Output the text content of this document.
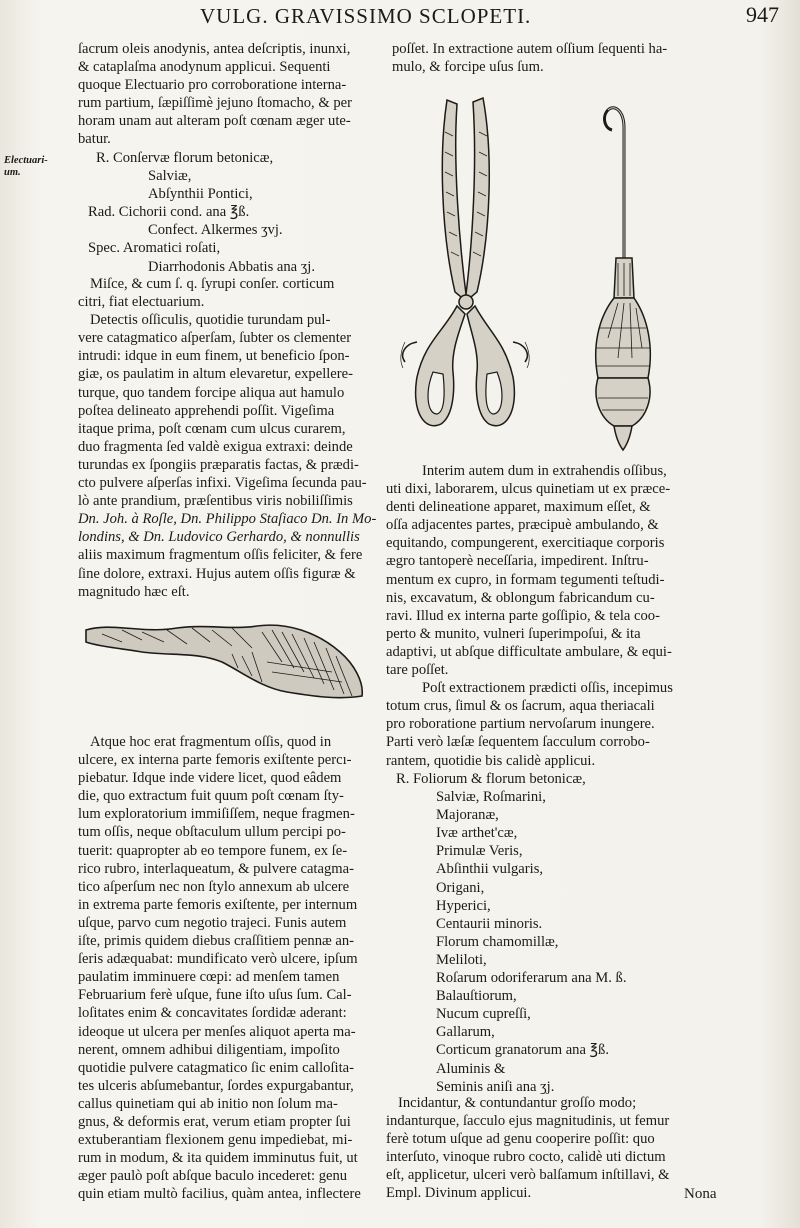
VULG. GRAVISSIMO SCLOPETI.	947
Electuari-
um.
ſacrum oleis anodynis, antea deſcriptis, inunxi,
& cataplaſma anodynum applicui. Sequenti
quoque Electuario pro corroboratione interna-
rum partium, ſæpiſſimè jejuno ſtomacho, & per
horam unam aut alteram poſt cœnam æger ute-
batur.
R. Conſervæ florum betonicæ,
Salviæ,
Abſynthii Pontici,
Rad. Cichorii cond. ana ℥ß.
Confect. Alkermes ʒvj.
Spec. Aromatici roſati,
Diarrhodonis Abbatis ana ʒj.
Miſce, & cum ſ. q. ſyrupi conſer. corticum
citri, fiat electuarium.
Detectis oſſiculis, quotidie turundam pul-
vere catagmatico aſperſam, ſubter os clementer
intrudi: idque in eum finem, ut beneficio ſpon-
giæ, os paulatim in altum elevaretur, expellere-
turque, quo tandem forcipe aliqua aut hamulo
poſtea delineato apprehendi poſſit. Vigeſima
itaque prima, poſt cœnam cum ulcus curarem,
duo fragmenta ſed valdè exigua extraxi: deinde
turundas ex ſpongiis præparatis factas, & prædi-
cto pulvere aſperſas infixi. Vigeſima ſecunda pau-
lò ante prandium, præſentibus viris nobiliſſimis
Dn. Joh. à Roſle, Dn. Philippo Staſiaco Dn. In Mo-
londins, & Dn. Ludovico Gerhardo, & nonnullis
aliis maximum fragmentum oſſis feliciter, & fere
ſine dolore, extraxi. Hujus autem oſſis figuræ &
magnitudo hæc eſt.
Atque hoc erat fragmentum oſſis, quod in
ulcere, ex interna parte femoris exiſtente percı-
piebatur. Idque inde videre licet, quod eâdem
die, quo extractum fuit quum poſt cœnam ſty-
lum exploratorium immiſiſſem, neque fragmen-
tum oſſis, neque obſtaculum ullum percipi po-
tuerit: quapropter ab eo tempore funem, ex ſe-
rico rubro, interlaqueatum, & pulvere catagma-
tico aſperſum nec non ſtylo annexum ab ulcere
in extrema parte femoris exiſtente, per internum
uſque, parvo cum negotio trajeci. Funis autem
iſte, primis quidem diebus craſſitiem pennæ an-
ſeris adæquabat: mundificato verò ulcere, ipſum
paulatim imminuere cœpi: ad menſem tamen
Februarium ferè uſque, fune iſto uſus ſum. Cal-
loſitates enim & concavitates ſordidæ aderant:
ideoque ut ulcera per menſes aliquot aperta ma-
nerent, omnem adhibui diligentiam, impoſito
quotidie pulvere catagmatico ſic enim calloſita-
tes ulceris abſumebantur, ſordes expurgabantur,
callus quinetiam qui ab initio non ſolum ma-
gnus, & deformis erat, verum etiam propter ſui
extuberantiam flexionem genu impediebat, mi-
rum in modum, & ita quidem imminutus fuit, ut
æger paulò poſt abſque baculo incederet: genu
quin etiam multò facilius, quàm antea, inflectere
poſſet. In extractione autem oſſium ſequenti ha-
mulo, & forcipe uſus ſum.
Interim autem dum in extrahendis oſſibus,
uti dixi, laborarem, ulcus quinetiam ut ex præce-
denti delineatione apparet, maximum eſſet, &
oſſa adjacentes partes, præcipuè ambulando, &
equitando, compungerent, exercitiaque corporis
ægro tantoperè neceſſaria, impedirent. Inſtru-
mentum ex cupro, in formam tegumenti teſtudi-
nis, excavatum, & oblongum fabricandum cu-
ravi. Illud ex interna parte goſſipio, & tela coo-
perto & munito, vulneri ſuperimpoſui, & ita
adaptivi, ut abſque difficultate ambulare, & equi-
tare poſſet.
Poſt extractionem prædicti oſſis, incepimus
totum crus, ſimul & os ſacrum, aqua theriacali
pro roboratione partium nervoſarum inungere.
Parti verò læſæ ſequentem ſacculum corrobo-
rantem, quotidie bis calidè applicui.
R. Foliorum & florum betonicæ,
Salviæ, Roſmarini,
Majoranæ,
Ivæ arthet'cæ,
Primulæ Veris,
Abſinthii vulgaris,
Origani,
Hyperici,
Centaurii minoris.
Florum chamomillæ,
Meliloti,
Roſarum odoriferarum ana M. ß.
Balauſtiorum,
Nucum cupreſſi,
Gallarum,
Corticum granatorum ana ℥ß.
Aluminis &
Seminis aniſi ana ʒj.
Incidantur, & contundantur groſſo modo;
indanturque, ſacculo ejus magnitudinis, ut femur
ferè totum uſque ad genu cooperire poſſit: quo
interſuto, vinoque rubro cocto, calidè uti dictum
eſt, applicetur, ulceri verò balſamum inſtillavi, &
Empl. Divinum applicui.	Nona
